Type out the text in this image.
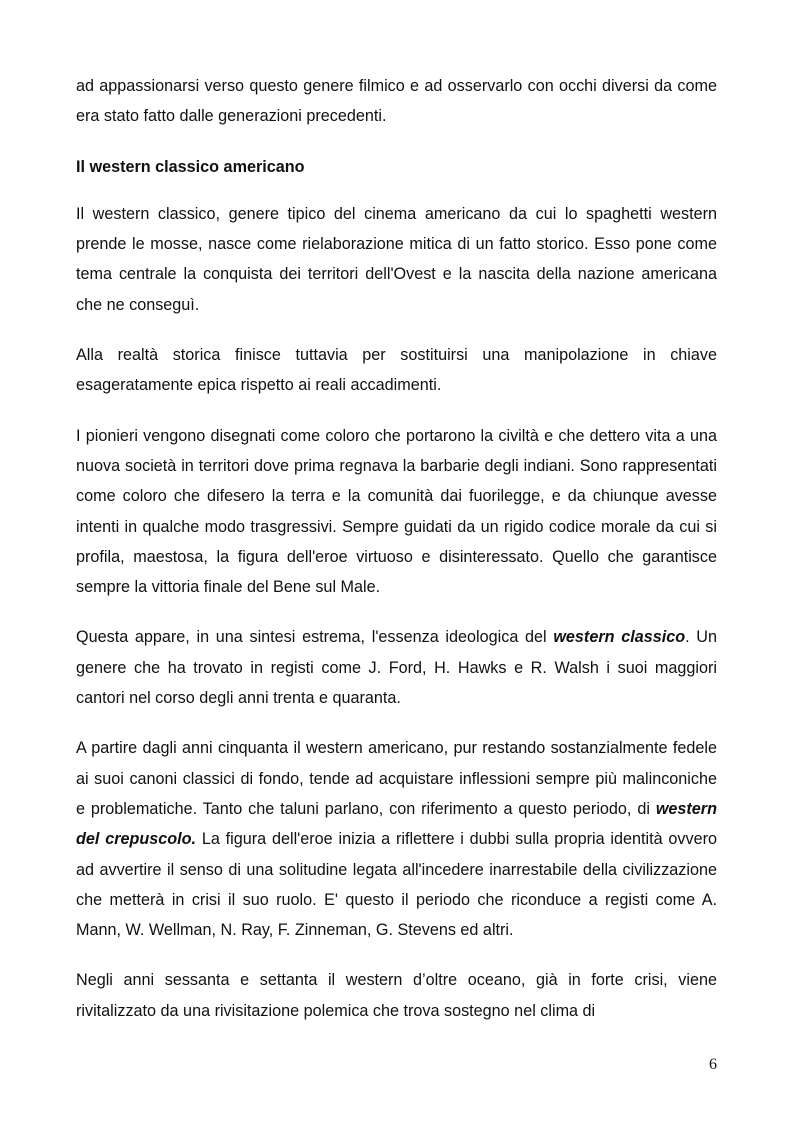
ad appassionarsi verso questo genere filmico e ad osservarlo con occhi diversi da come era stato fatto dalle generazioni precedenti.

Il western classico americano

Il western classico, genere tipico del cinema americano da cui lo spaghetti western prende le mosse, nasce come rielaborazione mitica di un fatto storico. Esso pone come tema centrale la conquista dei territori dell'Ovest e la nascita della nazione americana che ne conseguì.

Alla realtà storica finisce tuttavia per sostituirsi una manipolazione in chiave esageratamente epica rispetto ai reali accadimenti.

I pionieri vengono disegnati come coloro che portarono la civiltà e che dettero vita a una nuova società in territori dove prima regnava la barbarie degli indiani. Sono rappresentati come coloro che difesero la terra e la comunità dai fuorilegge, e da chiunque avesse intenti in qualche modo trasgressivi. Sempre guidati da un rigido codice morale da cui si profila, maestosa, la figura dell'eroe virtuoso e disinteressato. Quello che garantisce sempre la vittoria finale del Bene sul Male.

Questa appare, in una sintesi estrema, l'essenza ideologica del western classico. Un genere che ha trovato in registi come J. Ford, H. Hawks e R. Walsh i suoi maggiori cantori nel corso degli anni trenta e quaranta.

A partire dagli anni cinquanta il western americano, pur restando sostanzialmente fedele ai suoi canoni classici di fondo, tende ad acquistare inflessioni sempre più malinconiche e problematiche. Tanto che taluni parlano, con riferimento a questo periodo, di western del crepuscolo. La figura dell'eroe inizia a riflettere i dubbi sulla propria identità ovvero ad avvertire il senso di una solitudine legata all'incedere inarrestabile della civilizzazione che metterà in crisi il suo ruolo. E' questo il periodo che riconduce a registi come A. Mann, W. Wellman, N. Ray, F. Zinneman, G. Stevens ed altri.

Negli anni sessanta e settanta il western d’oltre oceano, già in forte crisi, viene rivitalizzato da una rivisitazione polemica che trova sostegno nel clima di

6
